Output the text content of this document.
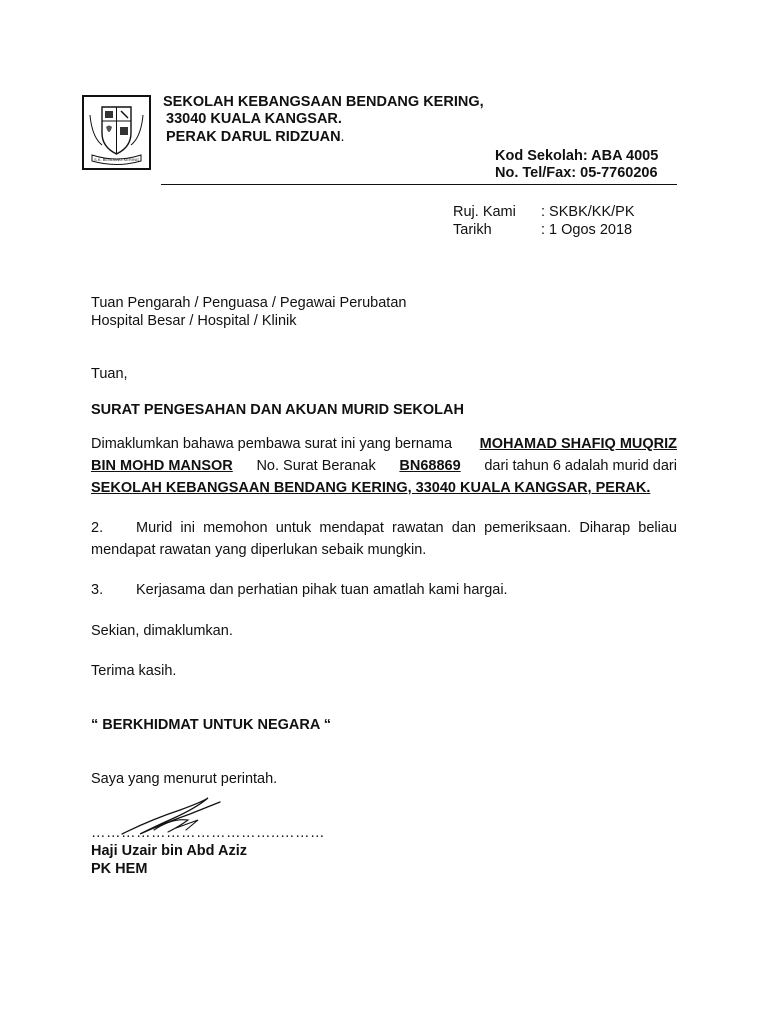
S.K. BENDANG KERING
SEKOLAH KEBANGSAAN BENDANG KERING,
33040 KUALA KANGSAR.
PERAK DARUL RIDZUAN.
Kod Sekolah: ABA 4005
No. Tel/Fax: 05-7760206
Ruj. Kami : SKBK/KK/PK
Tarikh	: 1 Ogos 2018
Tuan Pengarah / Penguasa / Pegawai Perubatan
Hospital Besar / Hospital / Klinik
Tuan,
SURAT PENGESAHAN DAN AKUAN MURID SEKOLAH
Dimaklumkan bahawa pembawa surat ini yang bernama MOHAMAD SHAFIQ MUQRIZ
BIN MOHD MANSOR No. Surat Beranak BN68869 dari tahun 6 adalah murid dari
SEKOLAH KEBANGSAAN BENDANG KERING, 33040 KUALA KANGSAR, PERAK.
2. Murid ini memohon untuk mendapat rawatan dan pemeriksaan. Diharap beliau mendapat rawatan yang diperlukan sebaik mungkin.
3. Kerjasama dan perhatian pihak tuan amatlah kami hargai.
Sekian, dimaklumkan.
Terima kasih.
“ BERKHIDMAT UNTUK NEGARA “
Saya yang menurut perintah.
………………………………..………
Haji Uzair bin Abd Aziz
PK HEM
